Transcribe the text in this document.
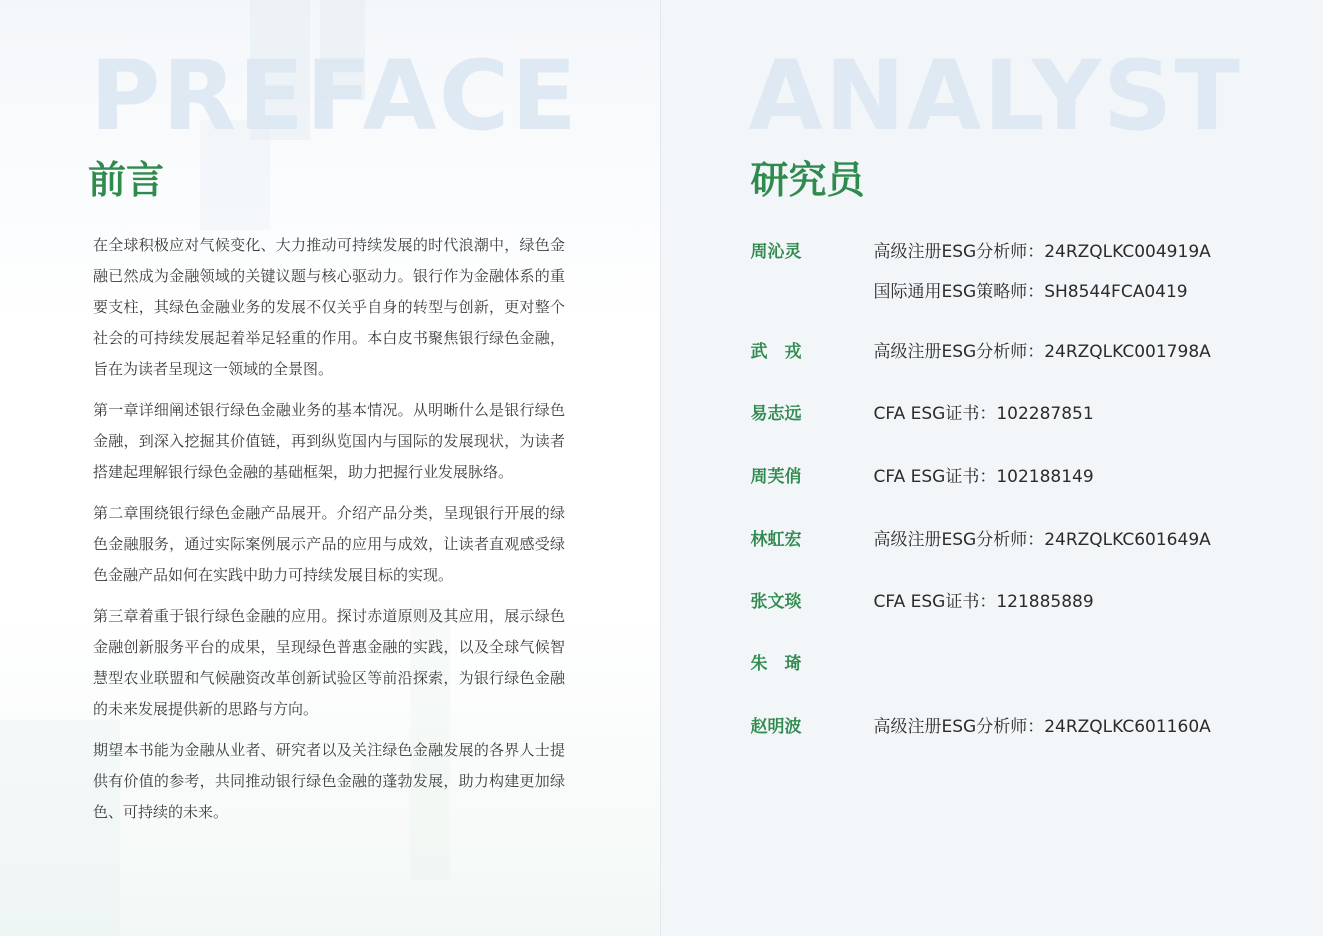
PREFACE
前言

在全球积极应对气候变化、大力推动可持续发展的时代浪潮中，绿色金融已然成为金融领域的关键议题与核心驱动力。银行作为金融体系的重要支柱，其绿色金融业务的发展不仅关乎自身的转型与创新，更对整个社会的可持续发展起着举足轻重的作用。本白皮书聚焦银行绿色金融，旨在为读者呈现这一领域的全景图。

第一章详细阐述银行绿色金融业务的基本情况。从明晰什么是银行绿色金融，到深入挖掘其价值链，再到纵览国内与国际的发展现状，为读者搭建起理解银行绿色金融的基础框架，助力把握行业发展脉络。

第二章围绕银行绿色金融产品展开。介绍产品分类，呈现银行开展的绿色金融服务，通过实际案例展示产品的应用与成效，让读者直观感受绿色金融产品如何在实践中助力可持续发展目标的实现。

第三章着重于银行绿色金融的应用。探讨赤道原则及其应用，展示绿色金融创新服务平台的成果，呈现绿色普惠金融的实践，以及全球气候智慧型农业联盟和气候融资改革创新试验区等前沿探索，为银行绿色金融的未来发展提供新的思路与方向。

期望本书能为金融从业者、研究者以及关注绿色金融发展的各界人士提供有价值的参考，共同推动银行绿色金融的蓬勃发展，助力构建更加绿色、可持续的未来。

ANALYST
研究员
周沁灵	高级注册ESG分析师：24RZQLKC004919A
国际通用ESG策略师：SH8544FCA0419
武　戎	高级注册ESG分析师：24RZQLKC001798A
易志远	CFA ESG证书：102287851
周芙俏	CFA ESG证书：102188149
林虹宏	高级注册ESG分析师：24RZQLKC601649A
张文琰	CFA ESG证书：121885889
朱　琦
赵明波	高级注册ESG分析师：24RZQLKC601160A
